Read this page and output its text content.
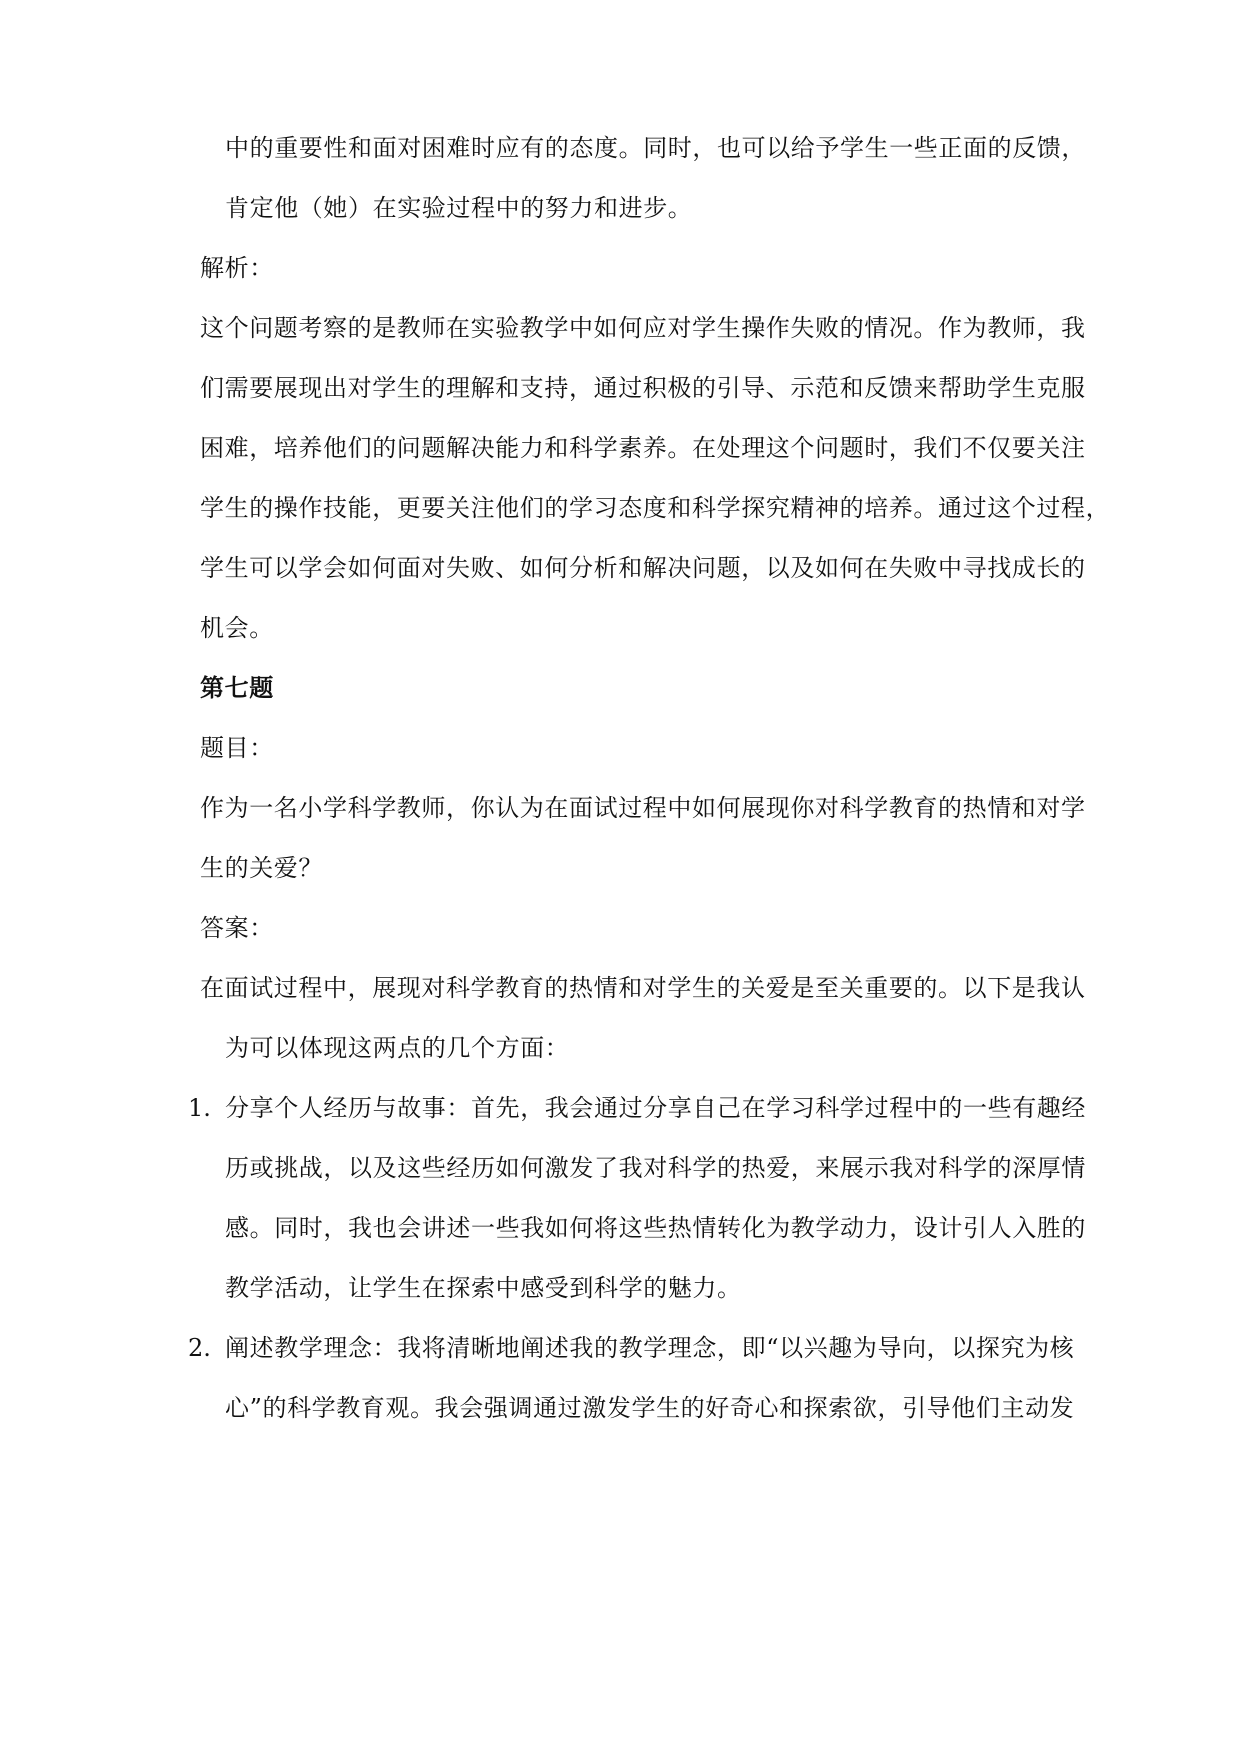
中的重要性和面对困难时应有的态度。同时，也可以给予学生一些正面的反馈，
肯定他（她）在实验过程中的努力和进步。
解析：
这个问题考察的是教师在实验教学中如何应对学生操作失败的情况。作为教师，我
们需要展现出对学生的理解和支持，通过积极的引导、示范和反馈来帮助学生克服
困难，培养他们的问题解决能力和科学素养。在处理这个问题时，我们不仅要关注
学生的操作技能，更要关注他们的学习态度和科学探究精神的培养。通过这个过程，
学生可以学会如何面对失败、如何分析和解决问题，以及如何在失败中寻找成长的
机会。
第七题
题目：
作为一名小学科学教师，你认为在面试过程中如何展现你对科学教育的热情和对学
生的关爱？
答案：
在面试过程中，展现对科学教育的热情和对学生的关爱是至关重要的。以下是我认
为可以体现这两点的几个方面：
1. 分享个人经历与故事：首先，我会通过分享自己在学习科学过程中的一些有趣经
历或挑战，以及这些经历如何激发了我对科学的热爱，来展示我对科学的深厚情
感。同时，我也会讲述一些我如何将这些热情转化为教学动力，设计引人入胜的
教学活动，让学生在探索中感受到科学的魅力。
2. 阐述教学理念：我将清晰地阐述我的教学理念，即“以兴趣为导向，以探究为核
心”的科学教育观。我会强调通过激发学生的好奇心和探索欲，引导他们主动发
